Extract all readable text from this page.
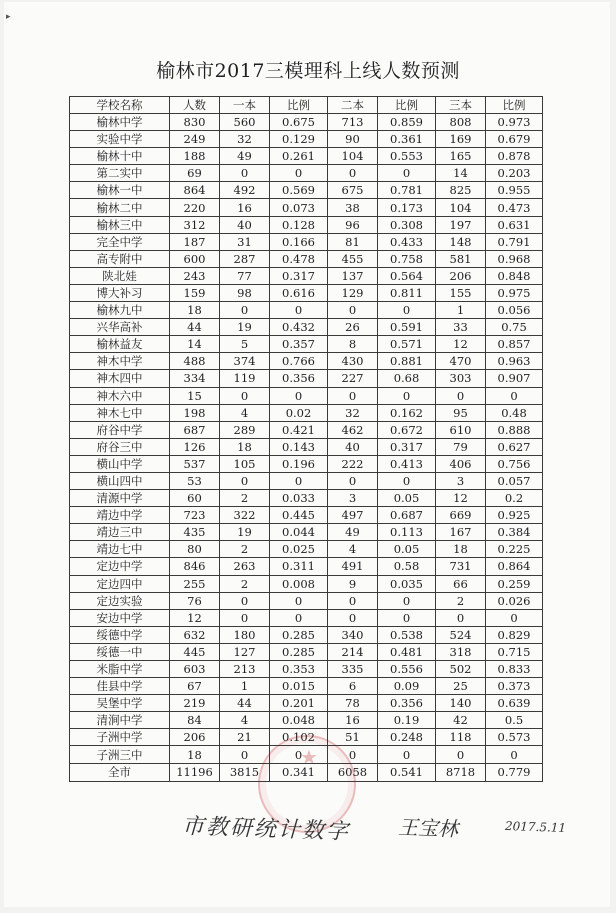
▸
榆林市2017三模理科上线人数预测
★
学校名称	人数	一本	比例	二本	比例	三本	比例
榆林中学	830	560	0.675	713	0.859	808	0.973
实验中学	249	32	0.129	90	0.361	169	0.679
榆林十中	188	49	0.261	104	0.553	165	0.878
第二实中	69	0	0	0	0	14	0.203
榆林一中	864	492	0.569	675	0.781	825	0.955
榆林二中	220	16	0.073	38	0.173	104	0.473
榆林三中	312	40	0.128	96	0.308	197	0.631
完全中学	187	31	0.166	81	0.433	148	0.791
高专附中	600	287	0.478	455	0.758	581	0.968
陕北娃	243	77	0.317	137	0.564	206	0.848
博大补习	159	98	0.616	129	0.811	155	0.975
榆林九中	18	0	0	0	0	1	0.056
兴华高补	44	19	0.432	26	0.591	33	0.75
榆林益友	14	5	0.357	8	0.571	12	0.857
神木中学	488	374	0.766	430	0.881	470	0.963
神木四中	334	119	0.356	227	0.68	303	0.907
神木六中	15	0	0	0	0	0	0
神木七中	198	4	0.02	32	0.162	95	0.48
府谷中学	687	289	0.421	462	0.672	610	0.888
府谷三中	126	18	0.143	40	0.317	79	0.627
横山中学	537	105	0.196	222	0.413	406	0.756
横山四中	53	0	0	0	0	3	0.057
清源中学	60	2	0.033	3	0.05	12	0.2
靖边中学	723	322	0.445	497	0.687	669	0.925
靖边三中	435	19	0.044	49	0.113	167	0.384
靖边七中	80	2	0.025	4	0.05	18	0.225
定边中学	846	263	0.311	491	0.58	731	0.864
定边四中	255	2	0.008	9	0.035	66	0.259
定边实验	76	0	0	0	0	2	0.026
安边中学	12	0	0	0	0	0	0
绥德中学	632	180	0.285	340	0.538	524	0.829
绥德一中	445	127	0.285	214	0.481	318	0.715
米脂中学	603	213	0.353	335	0.556	502	0.833
佳县中学	67	1	0.015	6	0.09	25	0.373
吴堡中学	219	44	0.201	78	0.356	140	0.639
清涧中学	84	4	0.048	16	0.19	42	0.5
子洲中学	206	21	0.102	51	0.248	118	0.573
子洲三中	18	0	0	0	0	0	0
全市	11196	3815	0.341	6058	0.541	8718	0.779
市教研统计数字 王宝林	2017.5.11
